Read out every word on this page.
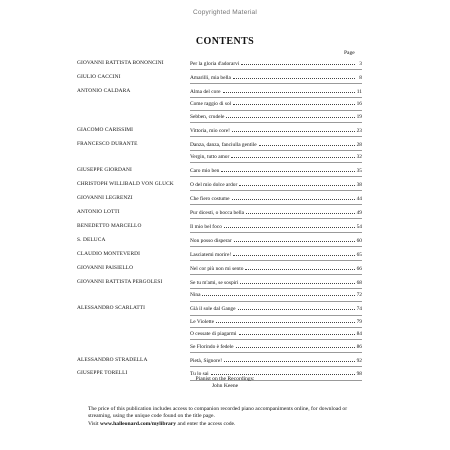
Copyrighted Material
CONTENTS
Page
GIOVANNI BATTISTA BONONCINI	Per la gloria d'adorarvi	3
GIULIO CACCINI	Amarilli, mia bella	8
ANTONIO CALDARA	Alma del core	11
Come raggio di sol	16
Sebben, crudele	19
GIACOMO CARISSIMI	Vittoria, mio core!	23
FRANCESCO DURANTE	Danza, danza, fanciulla gentile	28
Vergin, tutto amor	32
GIUSEPPE GIORDANI	Caro mio ben	35
CHRISTOPH WILLIBALD VON GLUCK	O del mio dolce ardor	38
GIOVANNI LEGRENZI	Che fiero costume	44
ANTONIO LOTTI	Pur dicesti, o bocca bella	49
BENEDETTO MARCELLO	Il mio bel foco	54
S. DELUCA	Non posso disperar	60
CLAUDIO MONTEVERDI	Lasciatemi morire!	65
GIOVANNI PAISIELLO	Nel cor più non mi sento	66
GIOVANNI BATTISTA PERGOLESI	Se tu m'ami, se sospiri	68
Nina	72
ALESSANDRO SCARLATTI	Già il sole dal Gange	74
Le Violette	79
O cessate di piagarmi	84
Se Florindo è fedele	86
ALESSANDRO STRADELLA	Pietà, Signore!	92
GIUSEPPE TORELLI	Tu lo sai	98
Pianist on the Recordings:
John Keene

The price of this publication includes access to companion recorded piano accompaniments online, for download or streaming, using the unique code found on the title page.

Visit www.halleonard.com/mylibrary and enter the access code.
